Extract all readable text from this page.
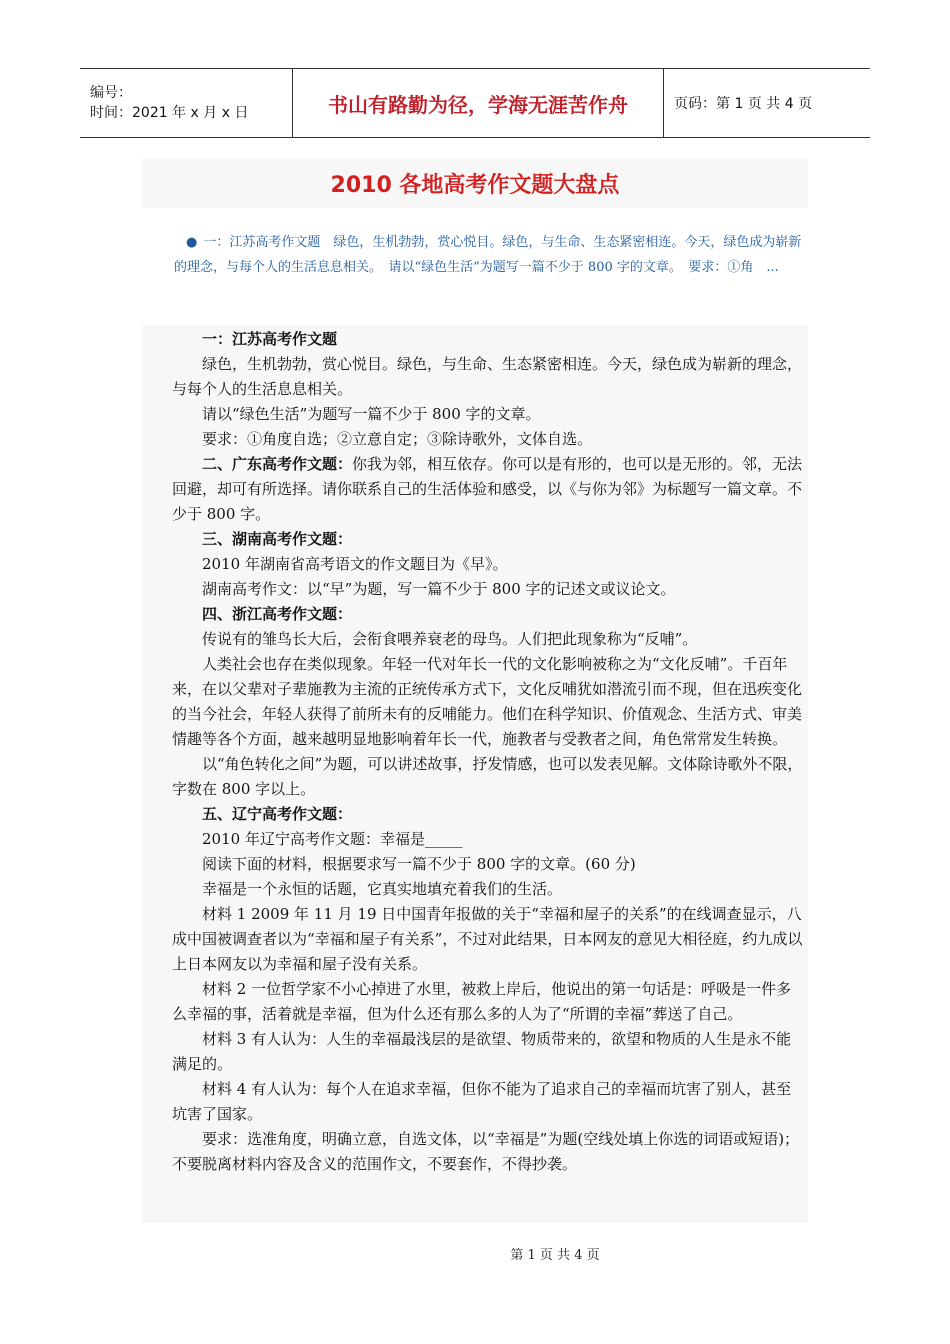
编号：
时间：2021 年 x 月 x 日	书山有路勤为径，学海无涯苦作舟	页码：第 1 页 共 4 页
2010 各地高考作文题大盘点
● 一：江苏高考作文题　绿色，生机勃勃，赏心悦目。绿色，与生命、生态紧密相连。今天，绿色成为崭新的理念，与每个人的生活息息相关。　请以“绿色生活”为题写一篇不少于 800 字的文章。　要求：①角　...

一：江苏高考作文题

绿色，生机勃勃，赏心悦目。绿色，与生命、生态紧密相连。今天，绿色成为崭新的理念，与每个人的生活息息相关。

请以“绿色生活”为题写一篇不少于 800 字的文章。

要求：①角度自选；②立意自定；③除诗歌外，文体自选。

二、广东高考作文题：你我为邻，相互依存。你可以是有形的，也可以是无形的。邻，无法回避，却可有所选择。请你联系自己的生活体验和感受，以《与你为邻》为标题写一篇文章。不少于 800 字。

三、湖南高考作文题：

2010 年湖南省高考语文的作文题目为《早》。

湖南高考作文：以“早”为题，写一篇不少于 800 字的记述文或议论文。

四、浙江高考作文题：

传说有的雏鸟长大后，会衔食喂养衰老的母鸟。人们把此现象称为“反哺”。

人类社会也存在类似现象。年轻一代对年长一代的文化影响被称之为“文化反哺”。千百年来，在以父辈对子辈施教为主流的正统传承方式下，文化反哺犹如潜流引而不现，但在迅疾变化的当今社会，年轻人获得了前所未有的反哺能力。他们在科学知识、价值观念、生活方式、审美情趣等各个方面，越来越明显地影响着年长一代，施教者与受教者之间，角色常常发生转换。

以“角色转化之间”为题，可以讲述故事，抒发情感，也可以发表见解。文体除诗歌外不限，字数在 800 字以上。

五、辽宁高考作文题：

2010 年辽宁高考作文题：幸福是_____

阅读下面的材料，根据要求写一篇不少于 800 字的文章。(60 分)

幸福是一个永恒的话题，它真实地填充着我们的生活。

材料 1 2009 年 11 月 19 日中国青年报做的关于“幸福和屋子的关系”的在线调查显示，八成中国被调查者以为“幸福和屋子有关系”，不过对此结果，日本网友的意见大相径庭，约九成以上日本网友以为幸福和屋子没有关系。

材料 2 一位哲学家不小心掉进了水里，被救上岸后，他说出的第一句话是：呼吸是一件多么幸福的事，活着就是幸福，但为什么还有那么多的人为了“所谓的幸福”葬送了自己。

材料 3 有人认为：人生的幸福最浅层的是欲望、物质带来的，欲望和物质的人生是永不能满足的。

材料 4 有人认为：每个人在追求幸福，但你不能为了追求自己的幸福而坑害了别人，甚至坑害了国家。

要求：选准角度，明确立意，自选文体，以“幸福是”为题(空线处填上你选的词语或短语)；不要脱离材料内容及含义的范围作文，不要套作，不得抄袭。

第 1 页 共 4 页
